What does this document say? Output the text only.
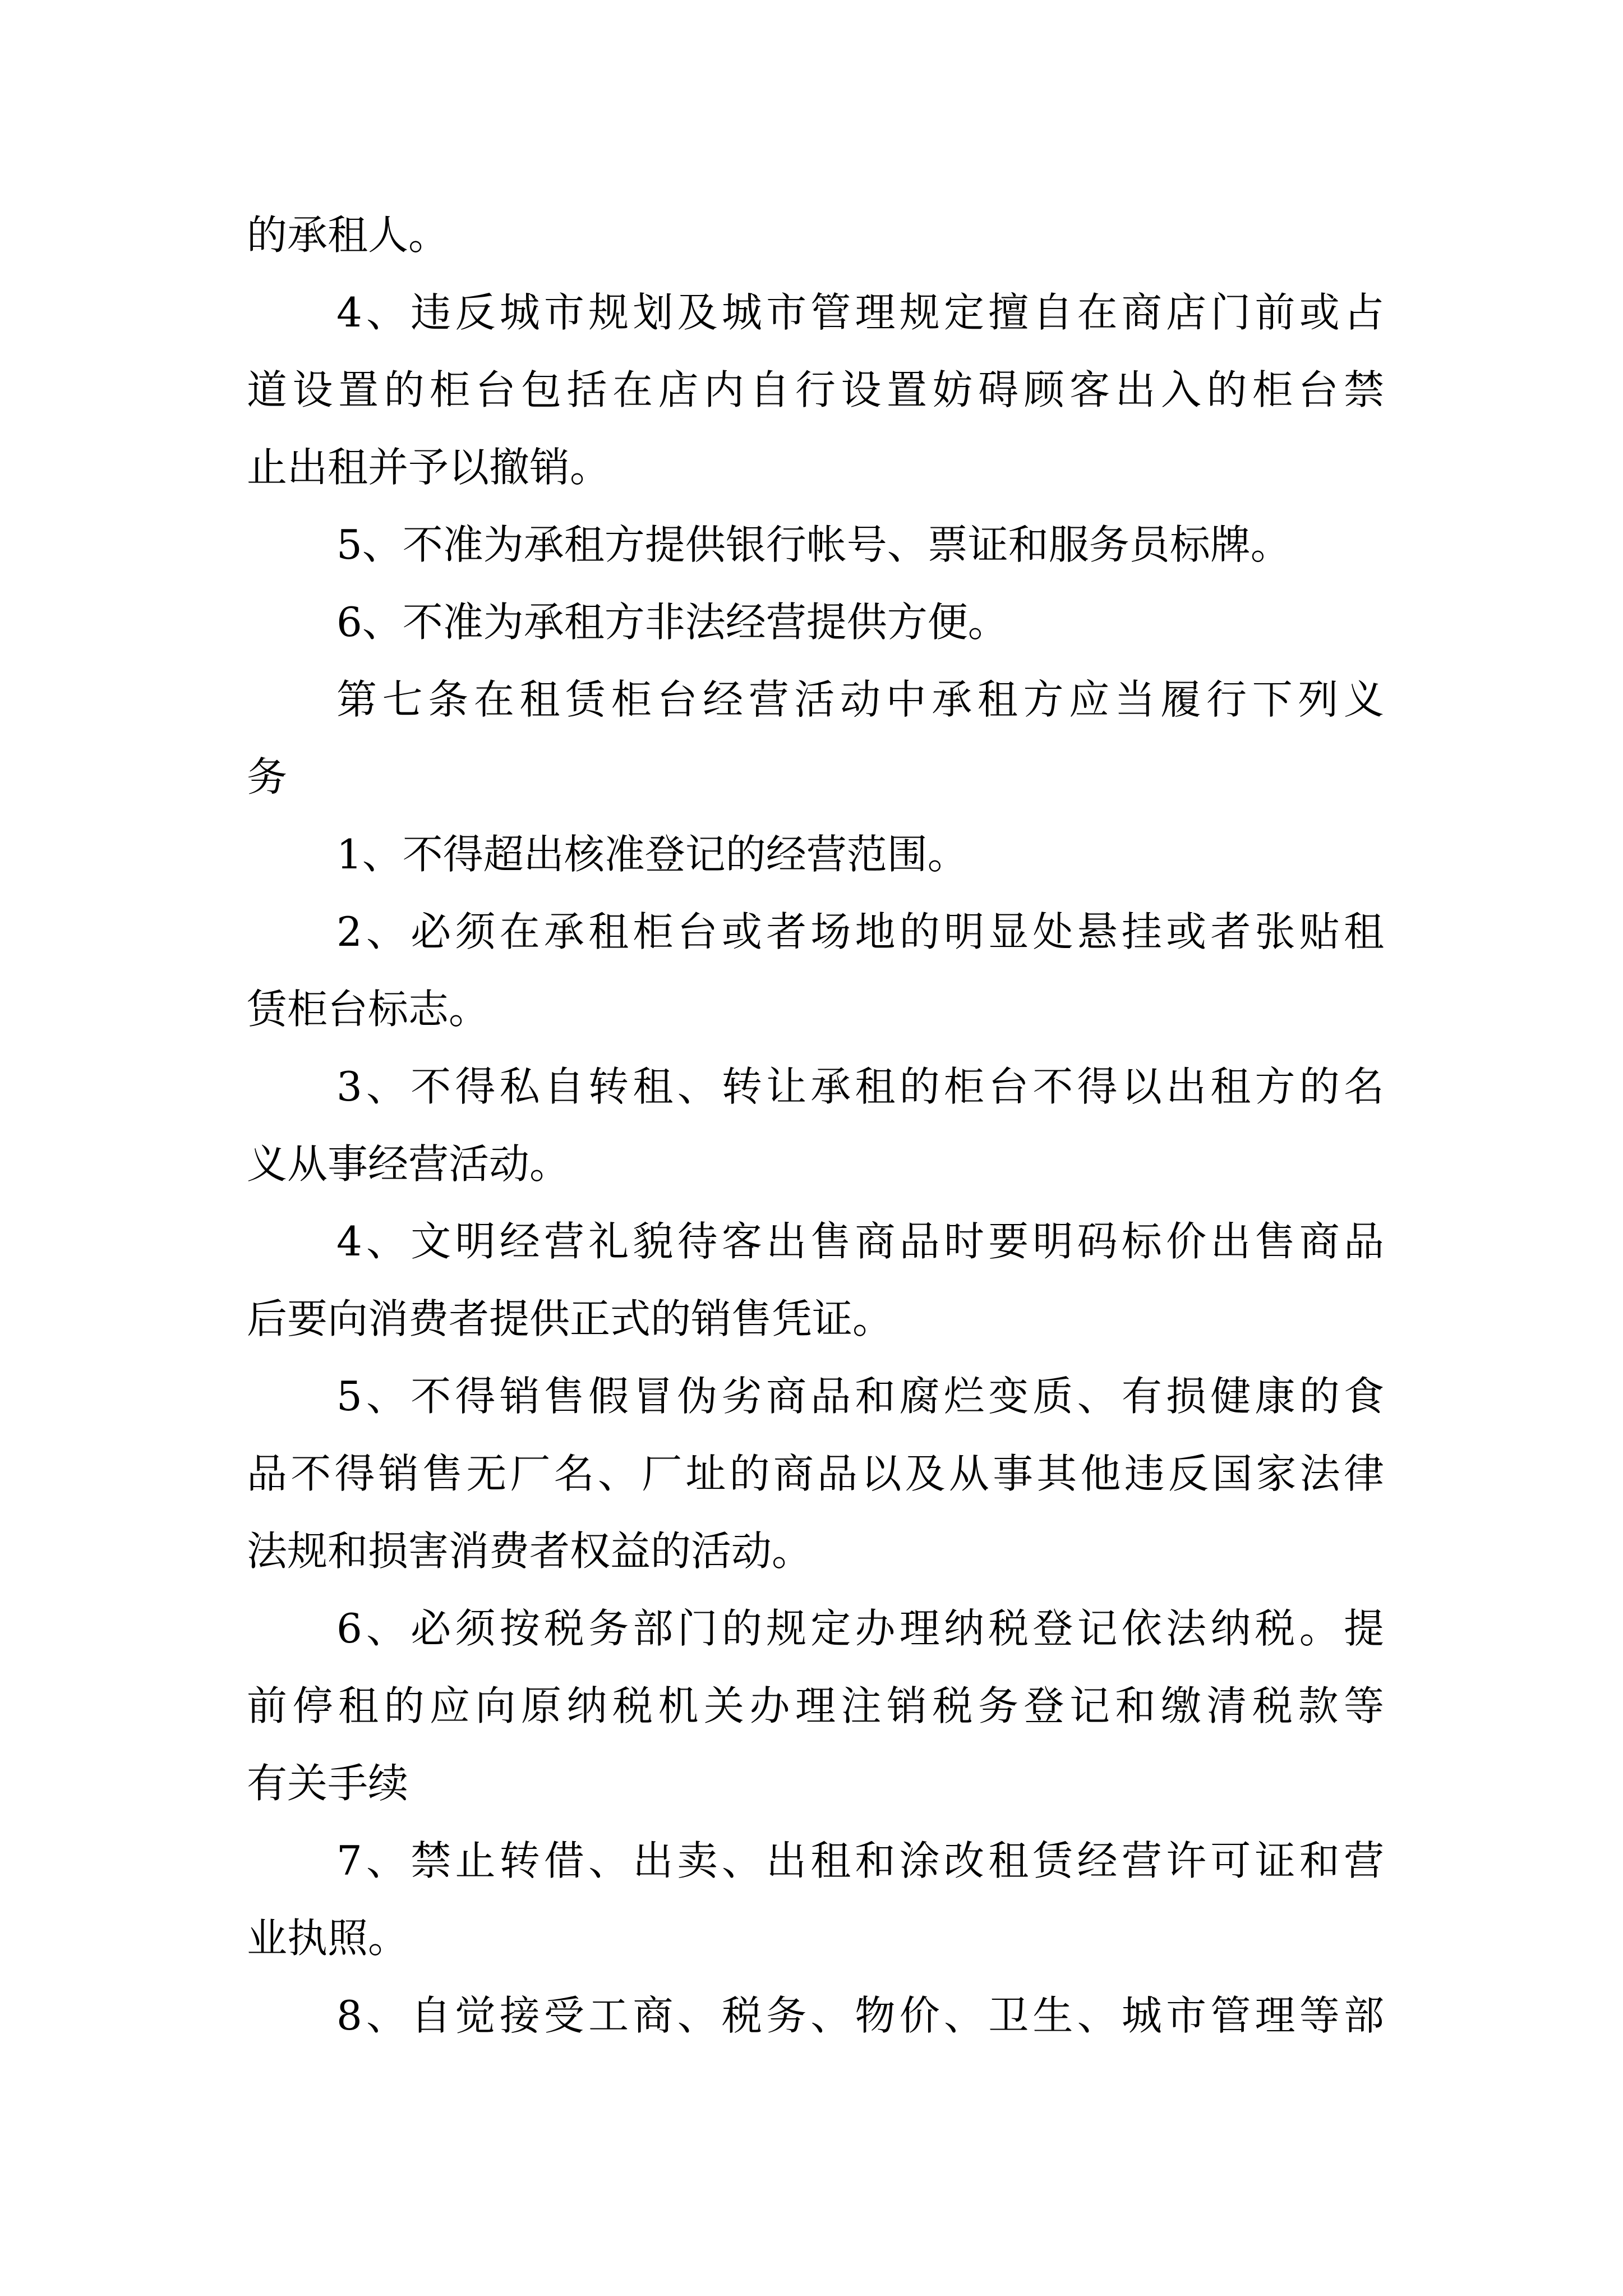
的承租人。
4、违反城市规划及城市管理规定擅自在商店门前或占
道设置的柜台包括在店内自行设置妨碍顾客出入的柜台禁
止出租并予以撤销。
5、不准为承租方提供银行帐号、票证和服务员标牌。
6、不准为承租方非法经营提供方便。
第七条在租赁柜台经营活动中承租方应当履行下列义
务
1、不得超出核准登记的经营范围。
2、必须在承租柜台或者场地的明显处悬挂或者张贴租
赁柜台标志。
3、不得私自转租、转让承租的柜台不得以出租方的名
义从事经营活动。
4、文明经营礼貌待客出售商品时要明码标价出售商品
后要向消费者提供正式的销售凭证。
5、不得销售假冒伪劣商品和腐烂变质、有损健康的食
品不得销售无厂名、厂址的商品以及从事其他违反国家法律
法规和损害消费者权益的活动。
6、必须按税务部门的规定办理纳税登记依法纳税。提
前停租的应向原纳税机关办理注销税务登记和缴清税款等
有关手续
7、禁止转借、出卖、出租和涂改租赁经营许可证和营
业执照。
8、自觉接受工商、税务、物价、卫生、城市管理等部
